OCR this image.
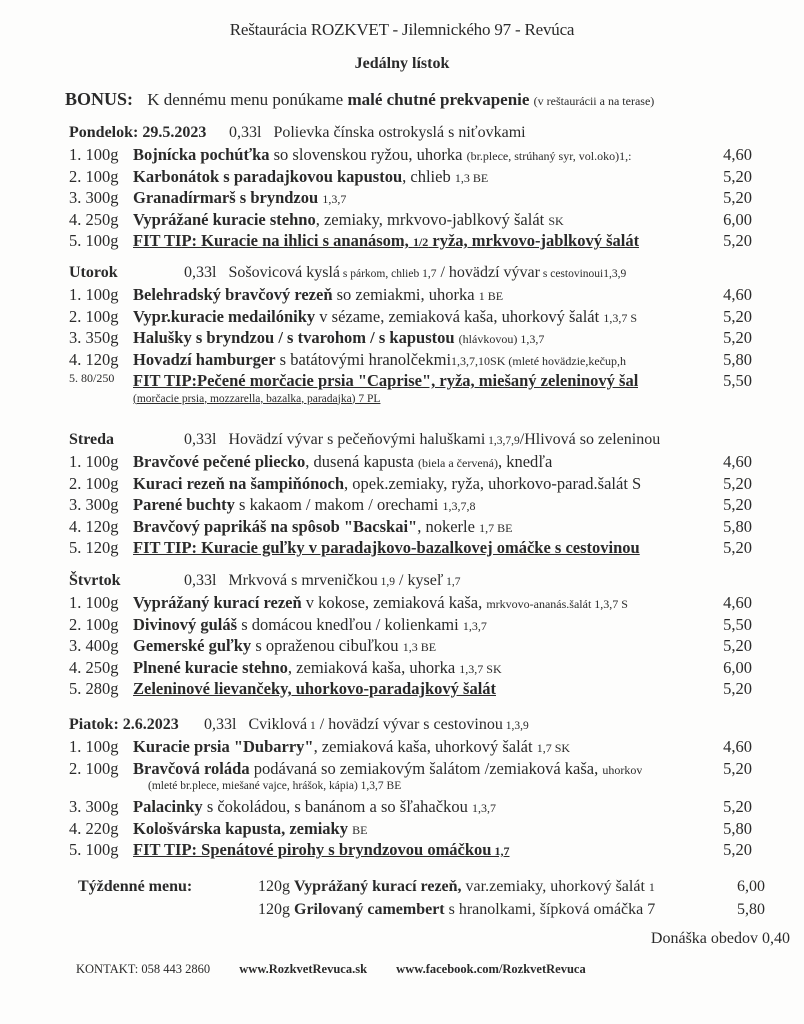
Reštaurácia ROZKVET - Jilemnického 97 - Revúca
Jedálny lístok
BONUS: K dennému menu ponúkame malé chutné prekvapenie (v reštaurácii a na terase)
Pondelok: 29.5.2023 0,33l   Polievka čínska ostrokyslá s niťovkami
1. 100g Bojnícka pochúťka so slovenskou ryžou, uhorka (br.plece, strúhaný syr, vol.oko)1,:	4,60
2. 100g Karbonátok s paradajkovou kapustou, chlieb 1,3 BE	5,20
3. 300g Granadírmarš s bryndzou 1,3,7	5,20
4. 250g Vyprážané kuracie stehno, zemiaky, mrkvovo-jablkový šalát SK	6,00
5. 100g FIT TIP: Kuracie na ihlici s ananásom, 1/2 ryža, mrkvovo-jablkový šalát	5,20
Utorok	0,33l   Sošovicová kyslá s párkom, chlieb 1,7 / hovädzí vývar s cestovinoui1,3,9
1. 100g Belehradský bravčový rezeň so zemiakmi, uhorka 1 BE	4,60
2. 100g Vypr.kuracie medailóniky v sézame, zemiaková kaša, uhorkový šalát 1,3,7 S	5,20
3. 350g Halušky s bryndzou / s tvarohom / s kapustou (hlávkovou) 1,3,7	5,20
4. 120g Hovadzí hamburger s batátovými hranolčekmi1,3,7,10SK (mleté hovädzie,kečup,h	5,80
5. 80/250 FIT TIP:Pečené morčacie prsia "Caprise", ryža, miešaný zeleninový šal	5,50
(morčacie prsia, mozzarella, bazalka, paradajka) 7 PL
Streda	0,33l   Hovädzí vývar s pečeňovými haluškami 1,3,7,9/Hlivová so zeleninou
1. 100g Bravčové pečené pliecko, dusená kapusta (biela a červená), knedľa	4,60
2. 100g Kuraci rezeň na šampiňónoch, opek.zemiaky, ryža, uhorkovo-parad.šalát S	5,20
3. 300g Parené buchty s kakaom / makom / orechami 1,3,7,8	5,20
4. 120g Bravčový paprikáš na spôsob "Bacskai", nokerle 1,7 BE	5,80
5. 120g FIT TIP: Kuracie guľky v paradajkovo-bazalkovej omáčke s cestovinou	5,20
Štvrtok	0,33l   Mrkvová s mrveničkou 1,9 / kyseľ 1,7
1. 100g Vyprážaný kurací rezeň v kokose, zemiaková kaša, mrkvovo-ananás.šalát 1,3,7 S	4,60
2. 100g Divinový guláš s domácou knedľou / kolienkami 1,3,7	5,50
3. 400g Gemerské guľky s opraženou cibuľkou 1,3 BE	5,20
4. 250g Plnené kuracie stehno, zemiaková kaša, uhorka 1,3,7 SK	6,00
5. 280g Zeleninové lievančeky, uhorkovo-paradajkový šalát	5,20
Piatok: 2.6.2023 0,33l   Cviklová 1 / hovädzí vývar s cestovinou 1,3,9
1. 100g Kuracie prsia "Dubarry", zemiaková kaša, uhorkový šalát 1,7 SK	4,60
2. 100g Bravčová roláda podávaná so zemiakovým šalátom /zemiaková kaša, uhorkov	5,20
(mleté br.plece, miešané vajce, hrášok, kápia) 1,3,7 BE
3. 300g Palacinky s čokoládou, s banánom a so šľahačkou 1,3,7	5,20
4. 220g Kološvárska kapusta, zemiaky BE	5,80
5. 100g FIT TIP: Spenátové pirohy s bryndzovou omáčkou 1,7	5,20
Týždenné menu:	120g Vyprážaný kurací rezeň, var.zemiaky, uhorkový šalát 1	6,00
120g Grilovaný camembert s hranolkami, šípková omáčka 7	5,80
Donáška obedov 0,40
KONTAKT: 058 443 2860 www.RozkvetRevuca.sk www.facebook.com/RozkvetRevuca
